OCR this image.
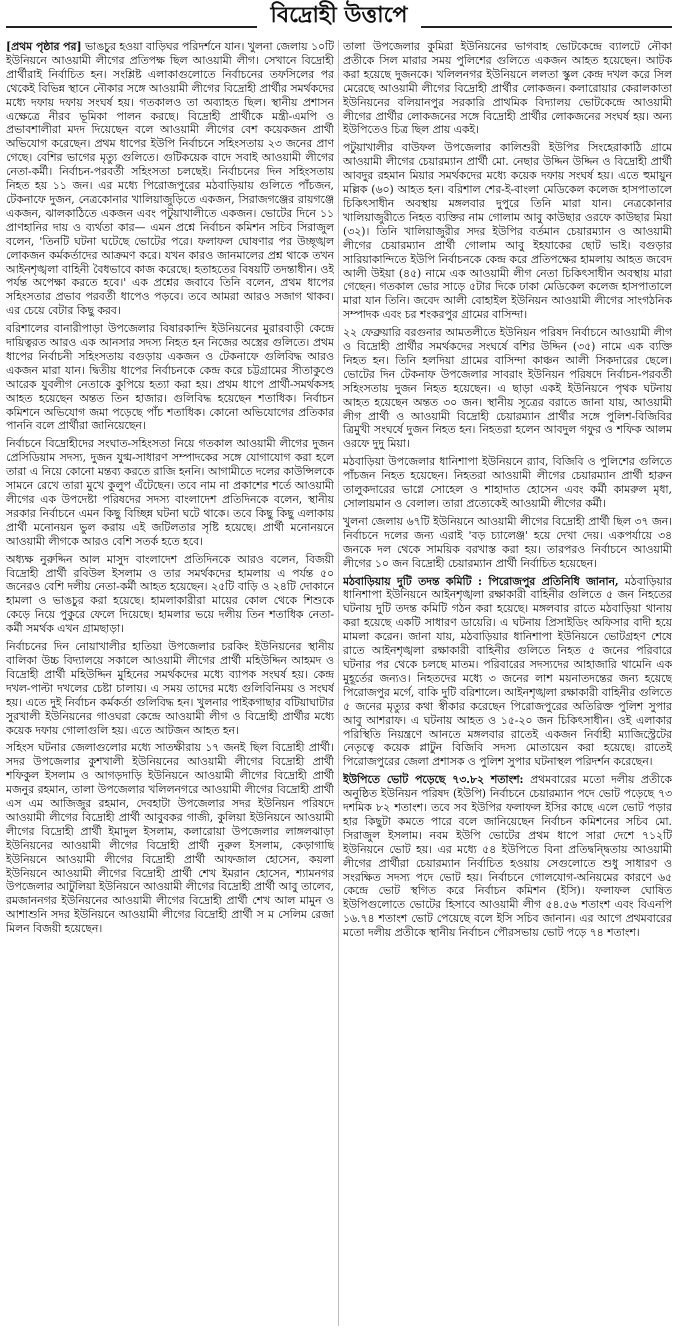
বিদ্রোহী উত্তাপে

[প্রথম পৃষ্ঠার পর] ভাঙচুর হওয়া বাড়িঘর পরিদর্শনে যান। খুলনা জেলায় ১০টি ইউনিয়নে আওয়ামী লীগের প্রতিপক্ষ ছিল আওয়ামী লীগ। সেখানে বিদ্রোহী প্রার্থীরাই নির্বাচিত হন। সংশ্লিষ্ট এলাকাগুলোতে নির্বাচনের তফসিলের পর থেকেই বিভিন্ন স্থানে নৌকার সঙ্গে আওয়ামী লীগের বিদ্রোহী প্রার্থীর সমর্থকদের মধ্যে দফায় দফায় সংঘর্ষ হয়। গতকালও তা অব্যাহত ছিল। স্থানীয় প্রশাসন এক্ষেত্রে নীরব ভূমিকা পালন করছে। বিদ্রোহী প্রার্থীকে মন্ত্রী-এমপি ও প্রভাবশালীরা মদদ দিয়েছেন বলে আওয়ামী লীগের বেশ কয়েকজন প্রার্থী অভিযোগ করেছেন। প্রথম ধাপের ইউপি নির্বাচনে সহিংসতায় ২৩ জনের প্রাণ গেছে। বেশির ভাগের মৃত্যু গুলিতে। গুটিকয়েক বাদে সবাই আওয়ামী লীগের নেতা-কর্মী। নির্বাচন-পরবর্তী সহিংসতা চলছেই। নির্বাচনের দিন সহিংসতায় নিহত হয় ১১ জন। এর মধ্যে পিরোজপুরের মঠবাড়িয়ায় গুলিতে পাঁচজন, টেকনাফে দুজন, নেত্রকোনার খালিয়াজুড়িতে একজন, সিরাজগঞ্জের রায়গঞ্জে একজন, ঝালকাঠিতে একজন এবং পটুয়াখালীতে একজন। ভোটের দিনে ১১ প্রাণহানির দায় ও ব্যর্থতা কার— এমন প্রশ্নে নির্বাচন কমিশন সচিব সিরাজুল বলেন, 'তিনটি ঘটনা ঘটেছে ভোটের পরে। ফলাফল ঘোষণার পর উচ্ছৃঙ্খল লোকজন কর্মকর্তাদের আক্রমণ করে। যখন কারও জানমালের প্রশ্ন থাকে তখন আইনশৃঙ্খলা বাহিনী বৈধভাবে কাজ করেছে। হতাহতের বিষয়টি তদন্তাধীন। ওই পর্যন্ত অপেক্ষা করতে হবে।' এক প্রশ্নের জবাবে তিনি বলেন, প্রথম ধাপের সহিংসতার প্রভাব পরবর্তী ধাপেও পড়বে। তবে আমরা আরও সজাগ থাকব। এর চেয়ে বেটার কিছু করব।

বরিশালের বানারীপাড়া উপজেলার বিষারকান্দি ইউনিয়নের মুরারবাড়ী কেন্দ্রে দায়িত্বরত আরও এক আনসার সদস্য নিহত হন নিজের অস্ত্রের গুলিতে। প্রথম ধাপের নির্বাচনী সহিংসতায় বগুড়ায় একজন ও টেকনাফে গুলিবিদ্ধ আরও একজন মারা যান। দ্বিতীয় ধাপের নির্বাচনকে কেন্দ্র করে চট্টগ্রামের সীতাকুণ্ডে আরেক যুবলীগ নেতাকে কুপিয়ে হত্যা করা হয়। প্রথম ধাপে প্রার্থী-সমর্থকসহ আহত হয়েছেন অন্তত তিন হাজার। গুলিবিদ্ধ হয়েছেন শতাধিক। নির্বাচন কমিশনে অভিযোগ জমা পড়েছে পাঁচ শতাধিক। কোনো অভিযোগের প্রতিকার পাননি বলে প্রার্থীরা জানিয়েছেন।

নির্বাচনে বিদ্রোহীদের সংঘাত-সহিংসতা নিয়ে গতকাল আওয়ামী লীগের দুজন প্রেসিডিয়াম সদস্য, দুজন যুগ্ম-সাধারণ সম্পাদকের সঙ্গে যোগাযোগ করা হলে তারা এ নিয়ে কোনো মন্তব্য করতে রাজি হননি। আগামীতে দলের কাউন্সিলকে সামনে রেখে তারা মুখে কুলুপ এঁটেছেন। তবে নাম না প্রকাশের শর্তে আওয়ামী লীগের এক উপদেষ্টা পরিষদের সদস্য বাংলাদেশ প্রতিদিনকে বলেন, স্থানীয় সরকার নির্বাচনে এমন কিছু বিচ্ছিন্ন ঘটনা ঘটে থাকে। তবে কিছু কিছু এলাকায় প্রার্থী মনোনয়ন ভুল করায় এই জটিলতার সৃষ্টি হয়েছে। প্রার্থী মনোনয়নে আওয়ামী লীগকে আরও বেশি সতর্ক হতে হবে।

অধ্যক্ষ নুরুদ্দিন আল মাসুদ বাংলাদেশ প্রতিদিনকে আরও বলেন, বিজয়ী বিদ্রোহী প্রার্থী রবিউল ইসলাম ও তার সমর্থকদের হামলায় এ পর্যন্ত ৫০ জনেরও বেশি দলীয় নেতা-কর্মী আহত হয়েছেন। ২৫টি বাড়ি ও ২৪টি দোকানে হামলা ও ভাঙচুর করা হয়েছে। হামলাকারীরা মায়ের কোল থেকে শিশুকে কেড়ে নিয়ে পুকুরে ফেলে দিয়েছে। হামলার ভয়ে দলীয় তিন শতাধিক নেতা-কর্মী সমর্থক এখন গ্রামছাড়া।

নির্বাচনের দিন নোয়াখালীর হাতিয়া উপজেলার চরকিং ইউনিয়নের স্থানীয় বালিকা উচ্চ বিদ্যালয়ে সকালে আওয়ামী লীগের প্রার্থী মহিউদ্দিন আহমদ ও বিদ্রোহী প্রার্থী মহিউদ্দিন মুহিনের সমর্থকদের মধ্যে ব্যাপক সংঘর্ষ হয়। কেন্দ্র দখল-পাল্টা দখলের চেষ্টা চালায়। এ সময় তাদের মধ্যে গুলিবিনিময় ও সংঘর্ষ হয়। এতে দুই নির্বাচন কর্মকর্তা গুলিবিদ্ধ হন। খুলনার পাইকগাছার বটিয়াঘাটার সুরখালী ইউনিয়নের গাওঘরা কেন্দ্রে আওয়ামী লীগ ও বিদ্রোহী প্রার্থীর মধ্যে কয়েক দফায় গোলাগুলি হয়। এতে আটজন আহত হন।

সহিংস ঘটনার জেলাগুলোর মধ্যে সাতক্ষীরায় ১৭ জনই ছিল বিদ্রোহী প্রার্থী। সদর উপজেলার কুশখালী ইউনিয়নের আওয়ামী লীগের বিদ্রোহী প্রার্থী শফিকুল ইসলাম ও আগড়দাড়ি ইউনিয়নে আওয়ামী লীগের বিদ্রোহী প্রার্থী মজনুর রহমান, তালা উপজেলার খলিলনগরে আওয়ামী লীগের বিদ্রোহী প্রার্থী এস এম আজিজুর রহমান, দেবহাটা উপজেলার সদর ইউনিয়ন পরিষদে আওয়ামী লীগের বিদ্রোহী প্রার্থী আবুবকর গাজী, কুলিয়া ইউনিয়নে আওয়ামী লীগের বিদ্রোহী প্রার্থী ইমাদুল ইসলাম, কলারোয়া উপজেলার লাঙ্গলঝাড়া ইউনিয়নের আওয়ামী লীগের বিদ্রোহী প্রার্থী নুরুল ইসলাম, কেড়াগাছি ইউনিয়নে আওয়ামী লীগের বিদ্রোহী প্রার্থী আফজাল হোসেন, কয়লা ইউনিয়নে আওয়ামী লীগের বিদ্রোহী প্রার্থী শেখ ইমরান হোসেন, শ্যামনগর উপজেলার আটুলিয়া ইউনিয়নে আওয়ামী লীগের বিদ্রোহী প্রার্থী আবু তালেব, রমজাননগর ইউনিয়নের আওয়ামী লীগের বিদ্রোহী প্রার্থী শেখ আল মামুন ও আশাশুনি সদর ইউনিয়নে আওয়ামী লীগের বিদ্রোহী প্রার্থী স ম সেলিম রেজা মিলন বিজয়ী হয়েছেন।

তালা উপজেলার কুমিরা ইউনিয়নের ভাগবাহ ভোটকেন্দ্রে ব্যালটে নৌকা প্রতীকে সিল মারার সময় পুলিশের গুলিতে একজন আহত হয়েছেন। আটক করা হয়েছে দুজনকে। খলিলনগর ইউনিয়নে ললতা স্কুল কেন্দ্র দখল করে সিল মেরেছে আওয়ামী লীগের বিদ্রোহী প্রার্থীর লোকজন। কলারোয়ার কেরালকাতা ইউনিয়নের বলিয়ানপুর সরকারি প্রাথমিক বিদ্যালয় ভোটকেন্দ্রে আওয়ামী লীগের প্রার্থীর লোকজনের সঙ্গে বিদ্রোহী প্রার্থীর লোকজনের সংঘর্ষ হয়। অন্য ইউপিতেও চিত্র ছিল প্রায় একই।

পটুয়াখালীর বাউফল উপজেলার কালিশুরী ইউপির সিংহেরাকাঠি গ্রামে আওয়ামী লীগের চেয়ারম্যান প্রার্থী মো. নেছার উদ্দিন উদ্দিন ও বিদ্রোহী প্রার্থী আবদুর রহমান মিয়ার সমর্থকদের মধ্যে কয়েক দফায় সংঘর্ষ হয়। এতে হুমায়ুন মল্লিক (৬০) আহত হন। বরিশাল শের-ই-বাংলা মেডিকেল কলেজ হাসপাতালে চিকিৎসাধীন অবস্থায় মঙ্গলবার দুপুরে তিনি মারা যান। নেত্রকোনার খালিয়াজুরীতে নিহত ব্যক্তির নাম গোলাম আবু কাউছার ওরফে কাউছার মিয়া (৩২)। তিনি খালিয়াজুরীর সদর ইউপির বর্তমান চেয়ারম্যান ও আওয়ামী লীগের চেয়ারম্যান প্রার্থী গোলাম আবু ইহযাকের ছোট ভাই। বগুড়ার সারিয়াকান্দিতে ইউপি নির্বাচনকে কেন্দ্র করে প্রতিপক্ষের হামলায় আহত জবেদ আলী উইয়া (৪৫) নামে এক আওয়ামী লীগ নেতা চিকিৎসাধীন অবস্থায় মারা গেছেন। গতকাল ভোর সাড়ে ৫টার দিকে ঢাকা মেডিকেল কলেজ হাসপাতালে মারা যান তিনি। জবেদ আলী বোহাইল ইউনিয়ন আওয়ামী লীগের সাংগঠনিক সম্পাদক এবং চর শংকরপুর গ্রামের বাসিন্দা।

২২ ফেব্রুয়ারি বরগুনার আমতলীতে ইউনিয়ন পরিষদ নির্বাচনে আওয়ামী লীগ ও বিদ্রোহী প্রার্থীর সমর্থকদের সংঘর্ষে বশির উদ্দিন (৩৫) নামে এক ব্যক্তি নিহত হন। তিনি হলদিয়া গ্রামের বাসিন্দা কাঞ্চন আলী সিকদারের ছেলে। ভোটের দিন টেকনাফ উপজেলার সাবরাং ইউনিয়ন পরিষদে নির্বাচন-পরবর্তী সহিংসতায় দুজন নিহত হয়েছেন। এ ছাড়া একই ইউনিয়নে পৃথক ঘটনায় আহত হয়েছেন অন্তত ৩০ জন। স্থানীয় সূত্রের বরাতে জানা যায়, আওয়ামী লীগ প্রার্থী ও আওয়ামী বিদ্রোহী চেয়ারম্যান প্রার্থীর সঙ্গে পুলিশ-বিজিবির ত্রিমুখী সংঘর্ষে দুজন নিহত হন। নিহতরা হলেন আবদুল গফুর ও শফিক আলম ওরফে দুদু মিয়া।

মঠবাড়িয়া উপজেলার ধানিশাপা ইউনিয়নে র‍্যাব, বিজিবি ও পুলিশের গুলিতে পাঁচজন নিহত হয়েছেন। নিহতরা আওয়ামী লীগের চেয়ারম্যান প্রার্থী হারুন তালুকদারের ভাগ্নে সোহেল ও শাহাদাত হোসেন এবং কর্মী কামরুল মৃধা, সোলায়মান ও বেলাল। তারা প্রত্যেকেই আওয়ামী লীগের কর্মী।

খুলনা জেলায় ৬৭টি ইউনিয়নে আওয়ামী লীগের বিদ্রোহী প্রার্থী ছিল ৩৭ জন। নির্বাচনে দলের জন্য এরাই 'বড় চ্যালেঞ্জ' হয়ে দেখা দেয়। একপর্যায়ে ৩৪ জনকে দল থেকে সাময়িক বরখাস্ত করা হয়। তারপরও নির্বাচনে আওয়ামী লীগের ১০ জন বিদ্রোহী চেয়ারম্যান প্রার্থী নির্বাচিত হয়েছেন।

মঠবাড়িয়ায় দুটি তদন্ত কমিটি : পিরোজপুর প্রতিনিধি জানান, মঠবাড়িয়ার ধানিশাপা ইউনিয়নে আইনশৃঙ্খলা রক্ষাকারী বাহিনীর গুলিতে ৫ জন নিহতের ঘটনায় দুটি তদন্ত কমিটি গঠন করা হয়েছে। মঙ্গলবার রাতে মঠবাড়িয়া থানায় করা হয়েছে একটি সাধারণ ডায়েরি। এ ঘটনায় প্রিসাইডিং অফিসার বাদী হয়ে মামলা করেন। জানা যায়, মঠবাড়িয়ার ধানিশাপা ইউনিয়নে ভোটগ্রহণ শেষে রাতে আইনশৃঙ্খলা রক্ষাকারী বাহিনীর গুলিতে নিহত ৫ জনের পরিবারে ঘটনার পর থেকে চলছে মাতম। পরিবারের সদস্যদের আহাজারি থামেনি এক মুহূর্তের জন্যও। নিহতদের মধ্যে ৩ জনের লাশ ময়নাতদন্তের জন্য হয়েছে পিরোজপুর মর্গে, বাকি দুটি বরিশালে। আইনশৃঙ্খলা রক্ষাকারী বাহিনীর গুলিতে ৫ জনের মৃত্যুর কথা স্বীকার করেছেন পিরোজপুরের অতিরিক্ত পুলিশ সুপার আবু আশরাফ। এ ঘটনায় আহত ও ১৫-২০ জন চিকিৎসাধীন। ওই এলাকার পরিস্থিতি নিয়ন্ত্রণে আনতে মঙ্গলবার রাতেই একজন নির্বাহী ম্যাজিস্ট্রেটের নেতৃত্বে কয়েক প্লাটুন বিজিবি সদস্য মোতায়েন করা হয়েছে। রাতেই পিরোজপুরের জেলা প্রশাসক ও পুলিশ সুপার ঘটনাস্থল পরিদর্শন করেছেন।

ইউপিতে ভোট পড়েছে ৭৩.৮২ শতাংশ: প্রথমবারের মতো দলীয় প্রতীকে অনুষ্ঠিত ইউনিয়ন পরিষদ (ইউপি) নির্বাচনে চেয়ারম্যান পদে ভোট পড়েছে ৭৩ দশমিক ৮২ শতাংশ। তবে সব ইউপির ফলাফল ইসির কাছে এলে ভোট পড়ার হার কিছুটা কমতে পারে বলে জানিয়েছেন নির্বাচন কমিশনের সচিব মো. সিরাজুল ইসলাম। নবম ইউপি ভোটের প্রথম ধাপে সারা দেশে ৭১২টি ইউনিয়নে ভোট হয়। এর মধ্যে ৫৪ ইউপিতে বিনা প্রতিদ্বন্দ্বিতায় আওয়ামী লীগের প্রার্থীরা চেয়ারম্যান নির্বাচিত হওয়ায় সেগুলোতে শুধু সাধারণ ও সংরক্ষিত সদস্য পদে ভোট হয়। নির্বাচনে গোলযোগ-অনিয়মের কারণে ৬৫ কেন্দ্রে ভোট স্থগিত করে নির্বাচন কমিশন (ইসি)। ফলাফল ঘোষিত ইউপিগুলোতে ভোটের হিসাবে আওয়ামী লীগ ৫৪.৫৬ শতাংশ এবং বিএনপি ১৬.৭৪ শতাংশ ভোট পেয়েছে বলে ইসি সচিব জানান। এর আগে প্রথমবারের মতো দলীয় প্রতীকে স্থানীয় নির্বাচন পৌরসভায় ভোট পড়ে ৭৪ শতাংশ।
